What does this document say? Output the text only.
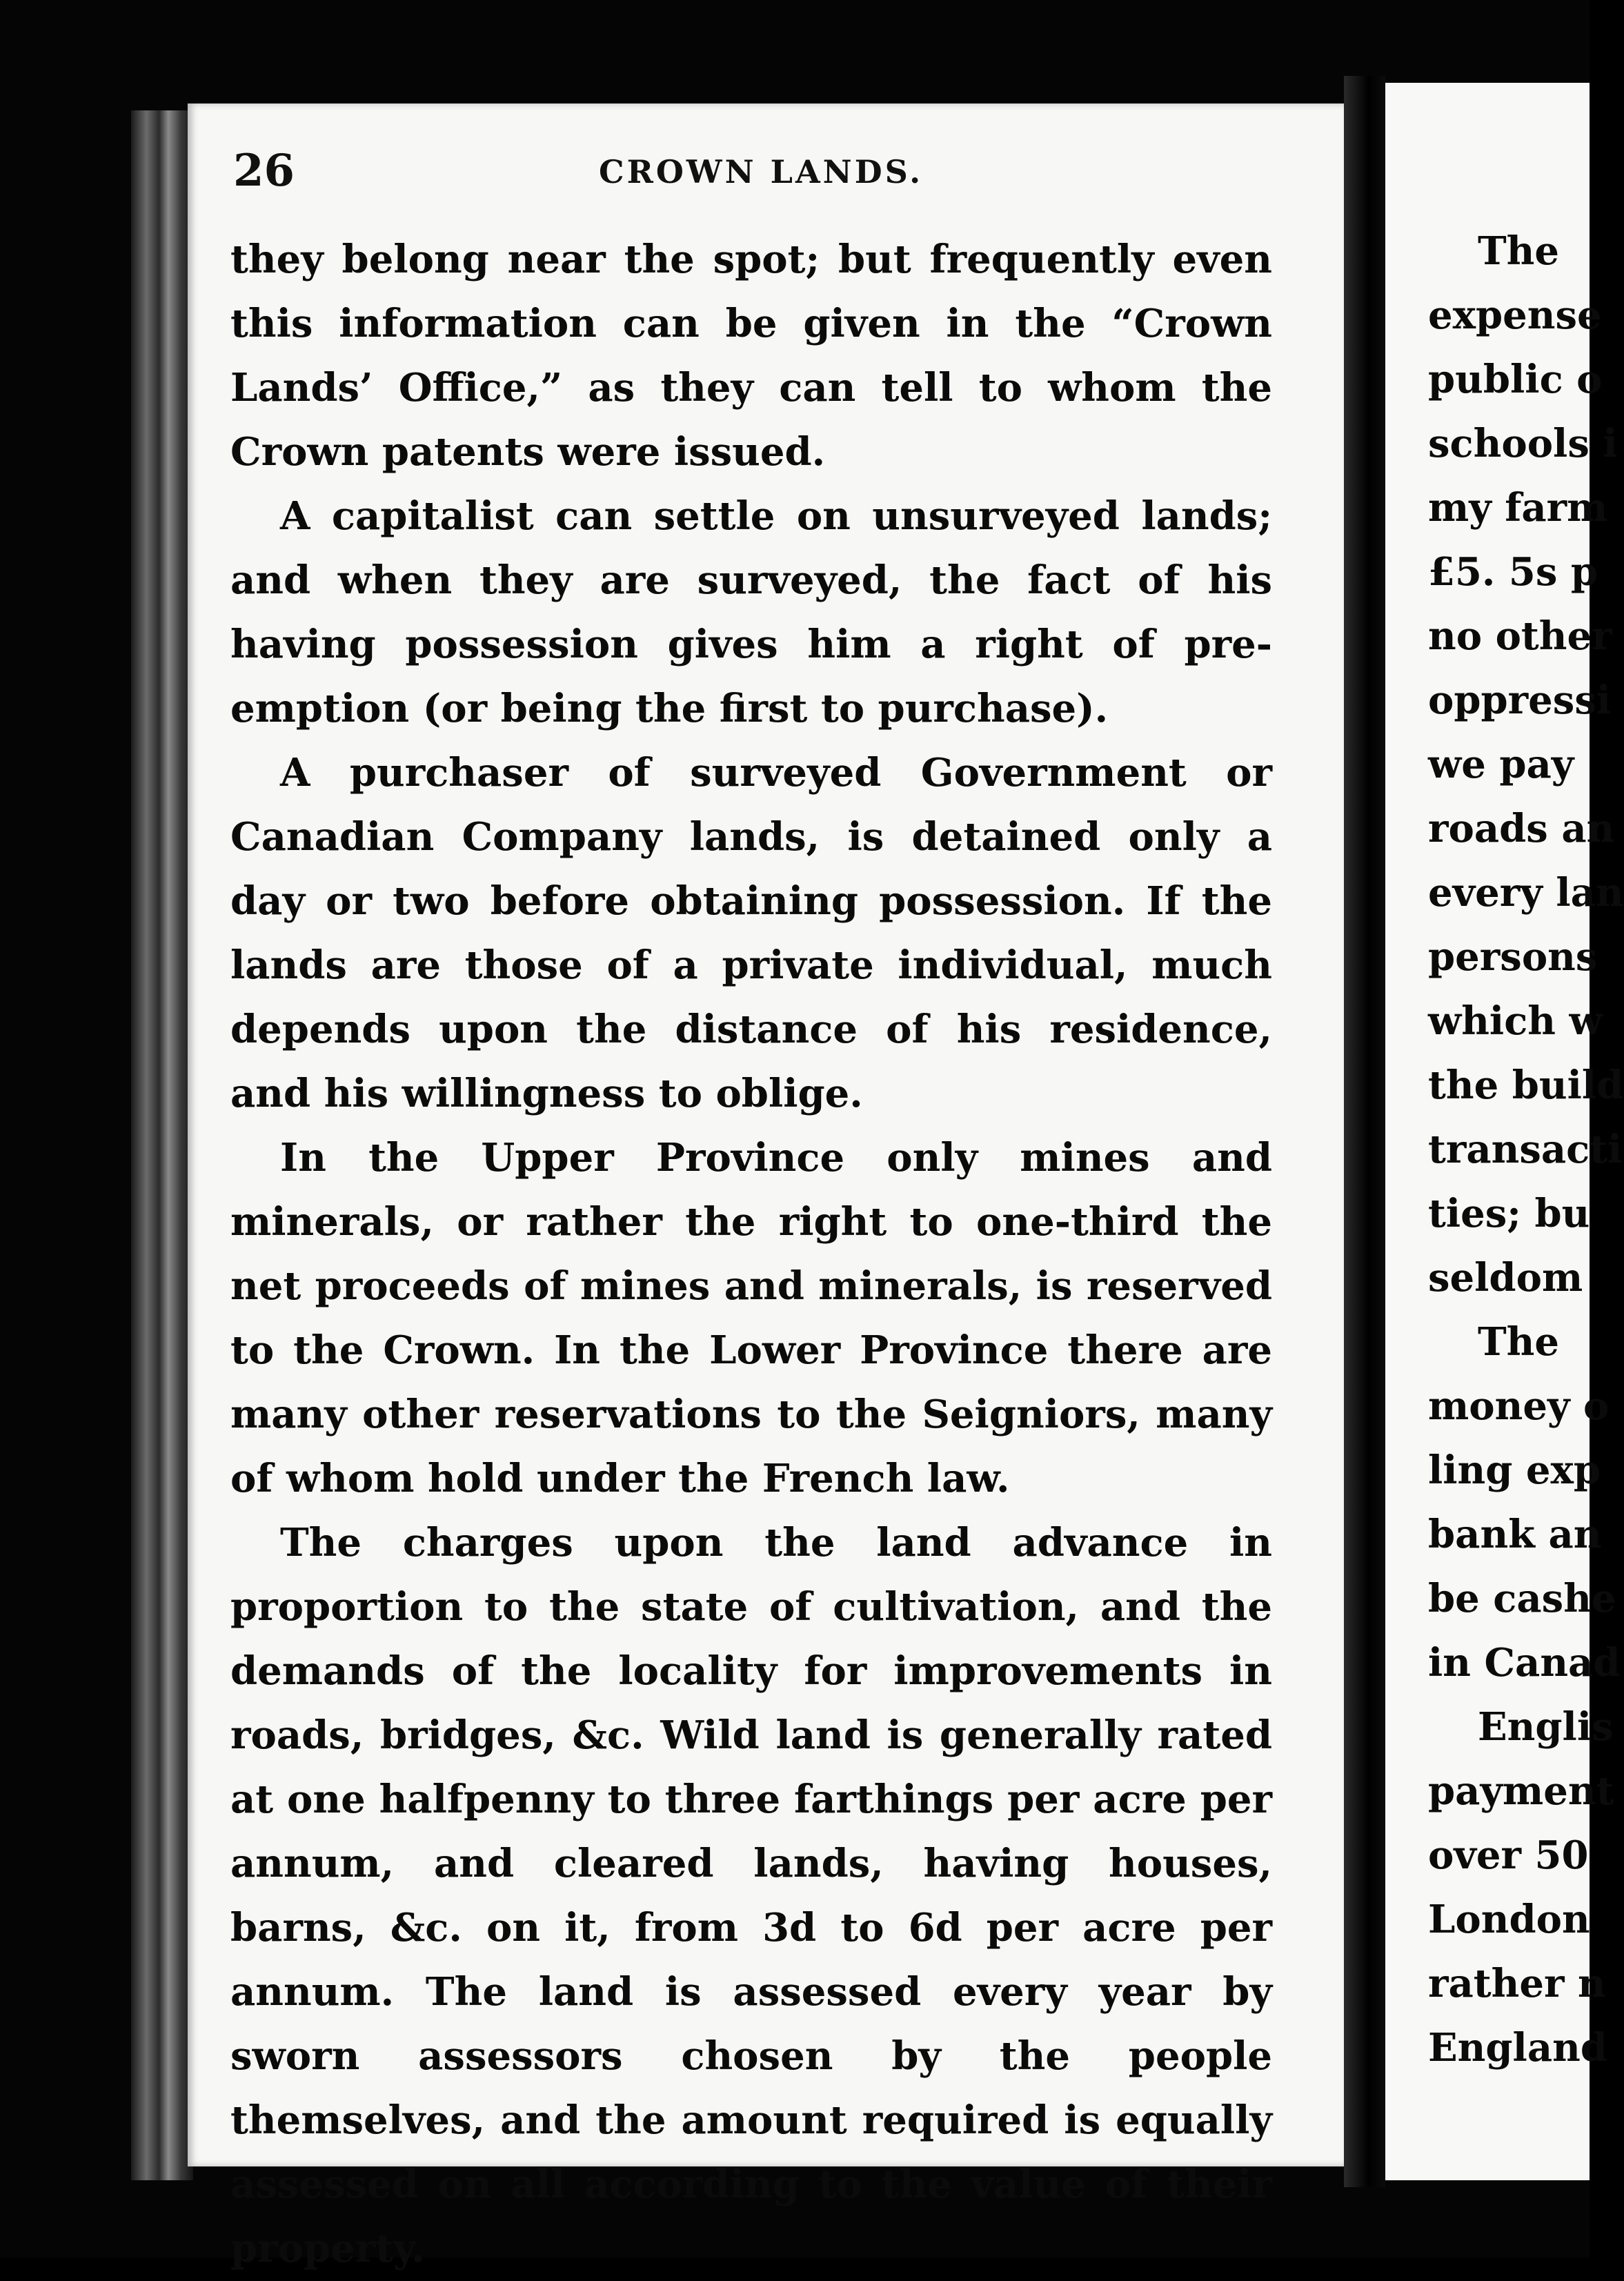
26	CROWN LANDS.

they belong near the spot; but frequently even this information can be given in the “Crown Lands’ Office,” as they can tell to whom the Crown patents were issued.

A capitalist can settle on unsurveyed lands; and when they are surveyed, the fact of his having possession gives him a right of pre-emption (or being the first to purchase).

A purchaser of surveyed Government or Canadian Company lands, is detained only a day or two before obtaining possession. If the lands are those of a private individual, much depends upon the distance of his residence, and his willingness to oblige.

In the Upper Province only mines and minerals, or rather the right to one-third the net proceeds of mines and minerals, is reserved to the Crown. In the Lower Province there are many other reservations to the Seigniors, many of whom hold under the French law.

The charges upon the land advance in proportion to the state of cultivation, and the demands of the locality for improvements in roads, bridges, &c. Wild land is generally rated at one halfpenny to three farthings per acre per annum, and cleared lands, having houses, barns, &c. on it, from 3d to 6d per acre per annum. The land is assessed every year by sworn assessors chosen by the people themselves, and the amount required is equally assessed on all according to the value of their property.

The
expense
public o
schools i
my farm
£5. 5s p
no other
oppressi
we pay
roads an
every lan
persons
which w
the build
transacti
ties; bu
seldom
The
money o
ling exp
bank an
be cashe
in Canad
Englis
payment
over 50
London
rather n
England
